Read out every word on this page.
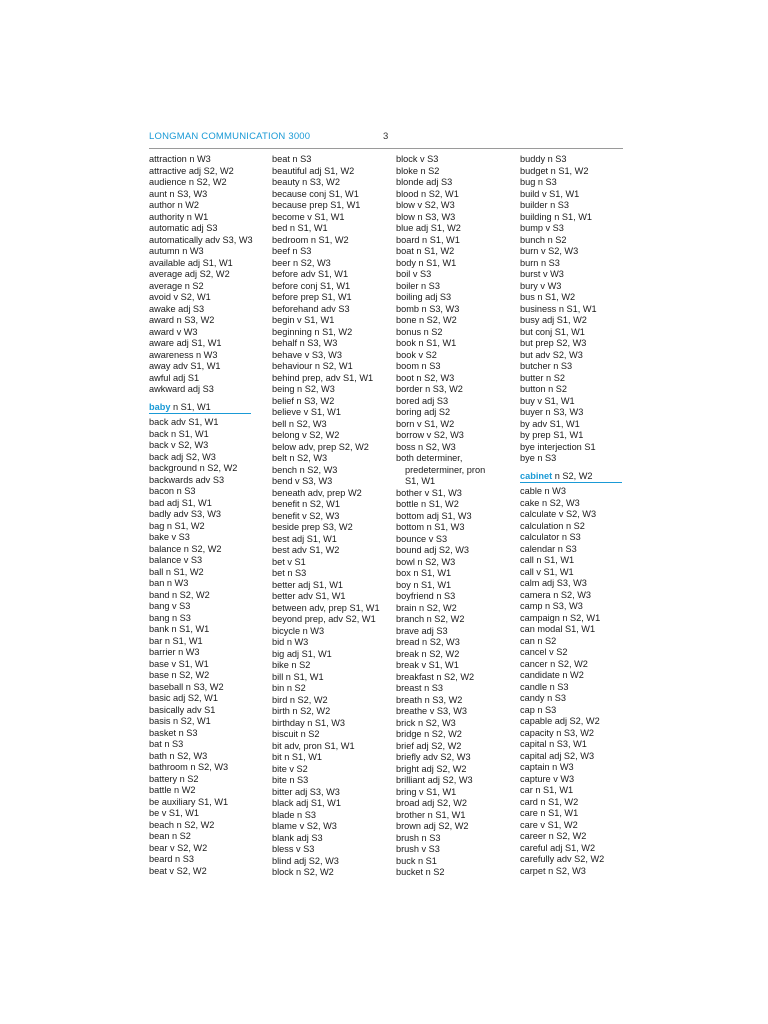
LONGMAN COMMUNICATION 3000	3
attraction n W3
attractive adj S2, W2
audience n S2, W2
aunt n S3, W3
author n W2
authority n W1
automatic adj S3
automatically adv S3, W3
autumn n W3
available adj S1, W1
average adj S2, W2
average n S2
avoid v S2, W1
awake adj S3
award n S3, W2
award v W3
aware adj S1, W1
awareness n W3
away adv S1, W1
awful adj S1
awkward adj S3
baby n S1, W1
back adv S1, W1
back n S1, W1
back v S2, W3
back adj S2, W3
background n S2, W2
backwards adv S3
bacon n S3
bad adj S1, W1
badly adv S3, W3
bag n S1, W2
bake v S3
balance n S2, W2
balance v S3
ball n S1, W2
ban n W3
band n S2, W2
bang v S3
bang n S3
bank n S1, W1
bar n S1, W1
barrier n W3
base v S1, W1
base n S2, W2
baseball n S3, W2
basic adj S2, W1
basically adv S1
basis n S2, W1
basket n S3
bat n S3
bath n S2, W3
bathroom n S2, W3
battery n S2
battle n W2
be auxiliary S1, W1
be v S1, W1
beach n S2, W2
bean n S2
bear v S2, W2
beard n S3
beat v S2, W2
beat n S3
beautiful adj S1, W2
beauty n S3, W2
because conj S1, W1
because prep S1, W1
become v S1, W1
bed n S1, W1
bedroom n S1, W2
beef n S3
beer n S2, W3
before adv S1, W1
before conj S1, W1
before prep S1, W1
beforehand adv S3
begin v S1, W1
beginning n S1, W2
behalf n S3, W3
behave v S3, W3
behaviour n S2, W1
behind prep, adv S1, W1
being n S2, W3
belief n S3, W2
believe v S1, W1
bell n S2, W3
belong v S2, W2
below adv, prep S2, W2
belt n S2, W3
bench n S2, W3
bend v S3, W3
beneath adv, prep W2
benefit n S2, W1
benefit v S2, W3
beside prep S3, W2
best adj S1, W1
best adv S1, W2
bet v S1
bet n S3
better adj S1, W1
better adv S1, W1
between adv, prep S1, W1
beyond prep, adv S2, W1
bicycle n W3
bid n W3
big adj S1, W1
bike n S2
bill n S1, W1
bin n S2
bird n S2, W2
birth n S2, W2
birthday n S1, W3
biscuit n S2
bit adv, pron S1, W1
bit n S1, W1
bite v S2
bite n S3
bitter adj S3, W3
black adj S1, W1
blade n S3
blame v S2, W3
blank adj S3
bless v S3
blind adj S2, W3
block n S2, W2
block v S3
bloke n S2
blonde adj S3
blood n S2, W1
blow v S2, W3
blow n S3, W3
blue adj S1, W2
board n S1, W1
boat n S1, W2
body n S1, W1
boil v S3
boiler n S3
boiling adj S3
bomb n S3, W3
bone n S2, W2
bonus n S2
book n S1, W1
book v S2
boom n S3
boot n S2, W3
border n S3, W2
bored adj S3
boring adj S2
born v S1, W2
borrow v S2, W3
boss n S2, W3
both determiner,
predeterminer, pron
S1, W1
bother v S1, W3
bottle n S1, W2
bottom adj S1, W3
bottom n S1, W3
bounce v S3
bound adj S2, W3
bowl n S2, W3
box n S1, W1
boy n S1, W1
boyfriend n S3
brain n S2, W2
branch n S2, W2
brave adj S3
bread n S2, W3
break n S2, W2
break v S1, W1
breakfast n S2, W2
breast n S3
breath n S3, W2
breathe v S3, W3
brick n S2, W3
bridge n S2, W2
brief adj S2, W2
briefly adv S2, W3
bright adj S2, W2
brilliant adj S2, W3
bring v S1, W1
broad adj S2, W2
brother n S1, W1
brown adj S2, W2
brush n S3
brush v S3
buck n S1
bucket n S2
buddy n S3
budget n S1, W2
bug n S3
build v S1, W1
builder n S3
building n S1, W1
bump v S3
bunch n S2
burn v S2, W3
burn n S3
burst v W3
bury v W3
bus n S1, W2
business n S1, W1
busy adj S1, W2
but conj S1, W1
but prep S2, W3
but adv S2, W3
butcher n S3
butter n S2
button n S2
buy v S1, W1
buyer n S3, W3
by adv S1, W1
by prep S1, W1
bye interjection S1
bye n S3
cabinet n S2, W2
cable n W3
cake n S2, W3
calculate v S2, W3
calculation n S2
calculator n S3
calendar n S3
call n S1, W1
call v S1, W1
calm adj S3, W3
camera n S2, W3
camp n S3, W3
campaign n S2, W1
can modal S1, W1
can n S2
cancel v S2
cancer n S2, W2
candidate n W2
candle n S3
candy n S3
cap n S3
capable adj S2, W2
capacity n S3, W2
capital n S3, W1
capital adj S2, W3
captain n W3
capture v W3
car n S1, W1
card n S1, W2
care n S1, W1
care v S1, W2
career n S2, W2
careful adj S1, W2
carefully adv S2, W2
carpet n S2, W3
